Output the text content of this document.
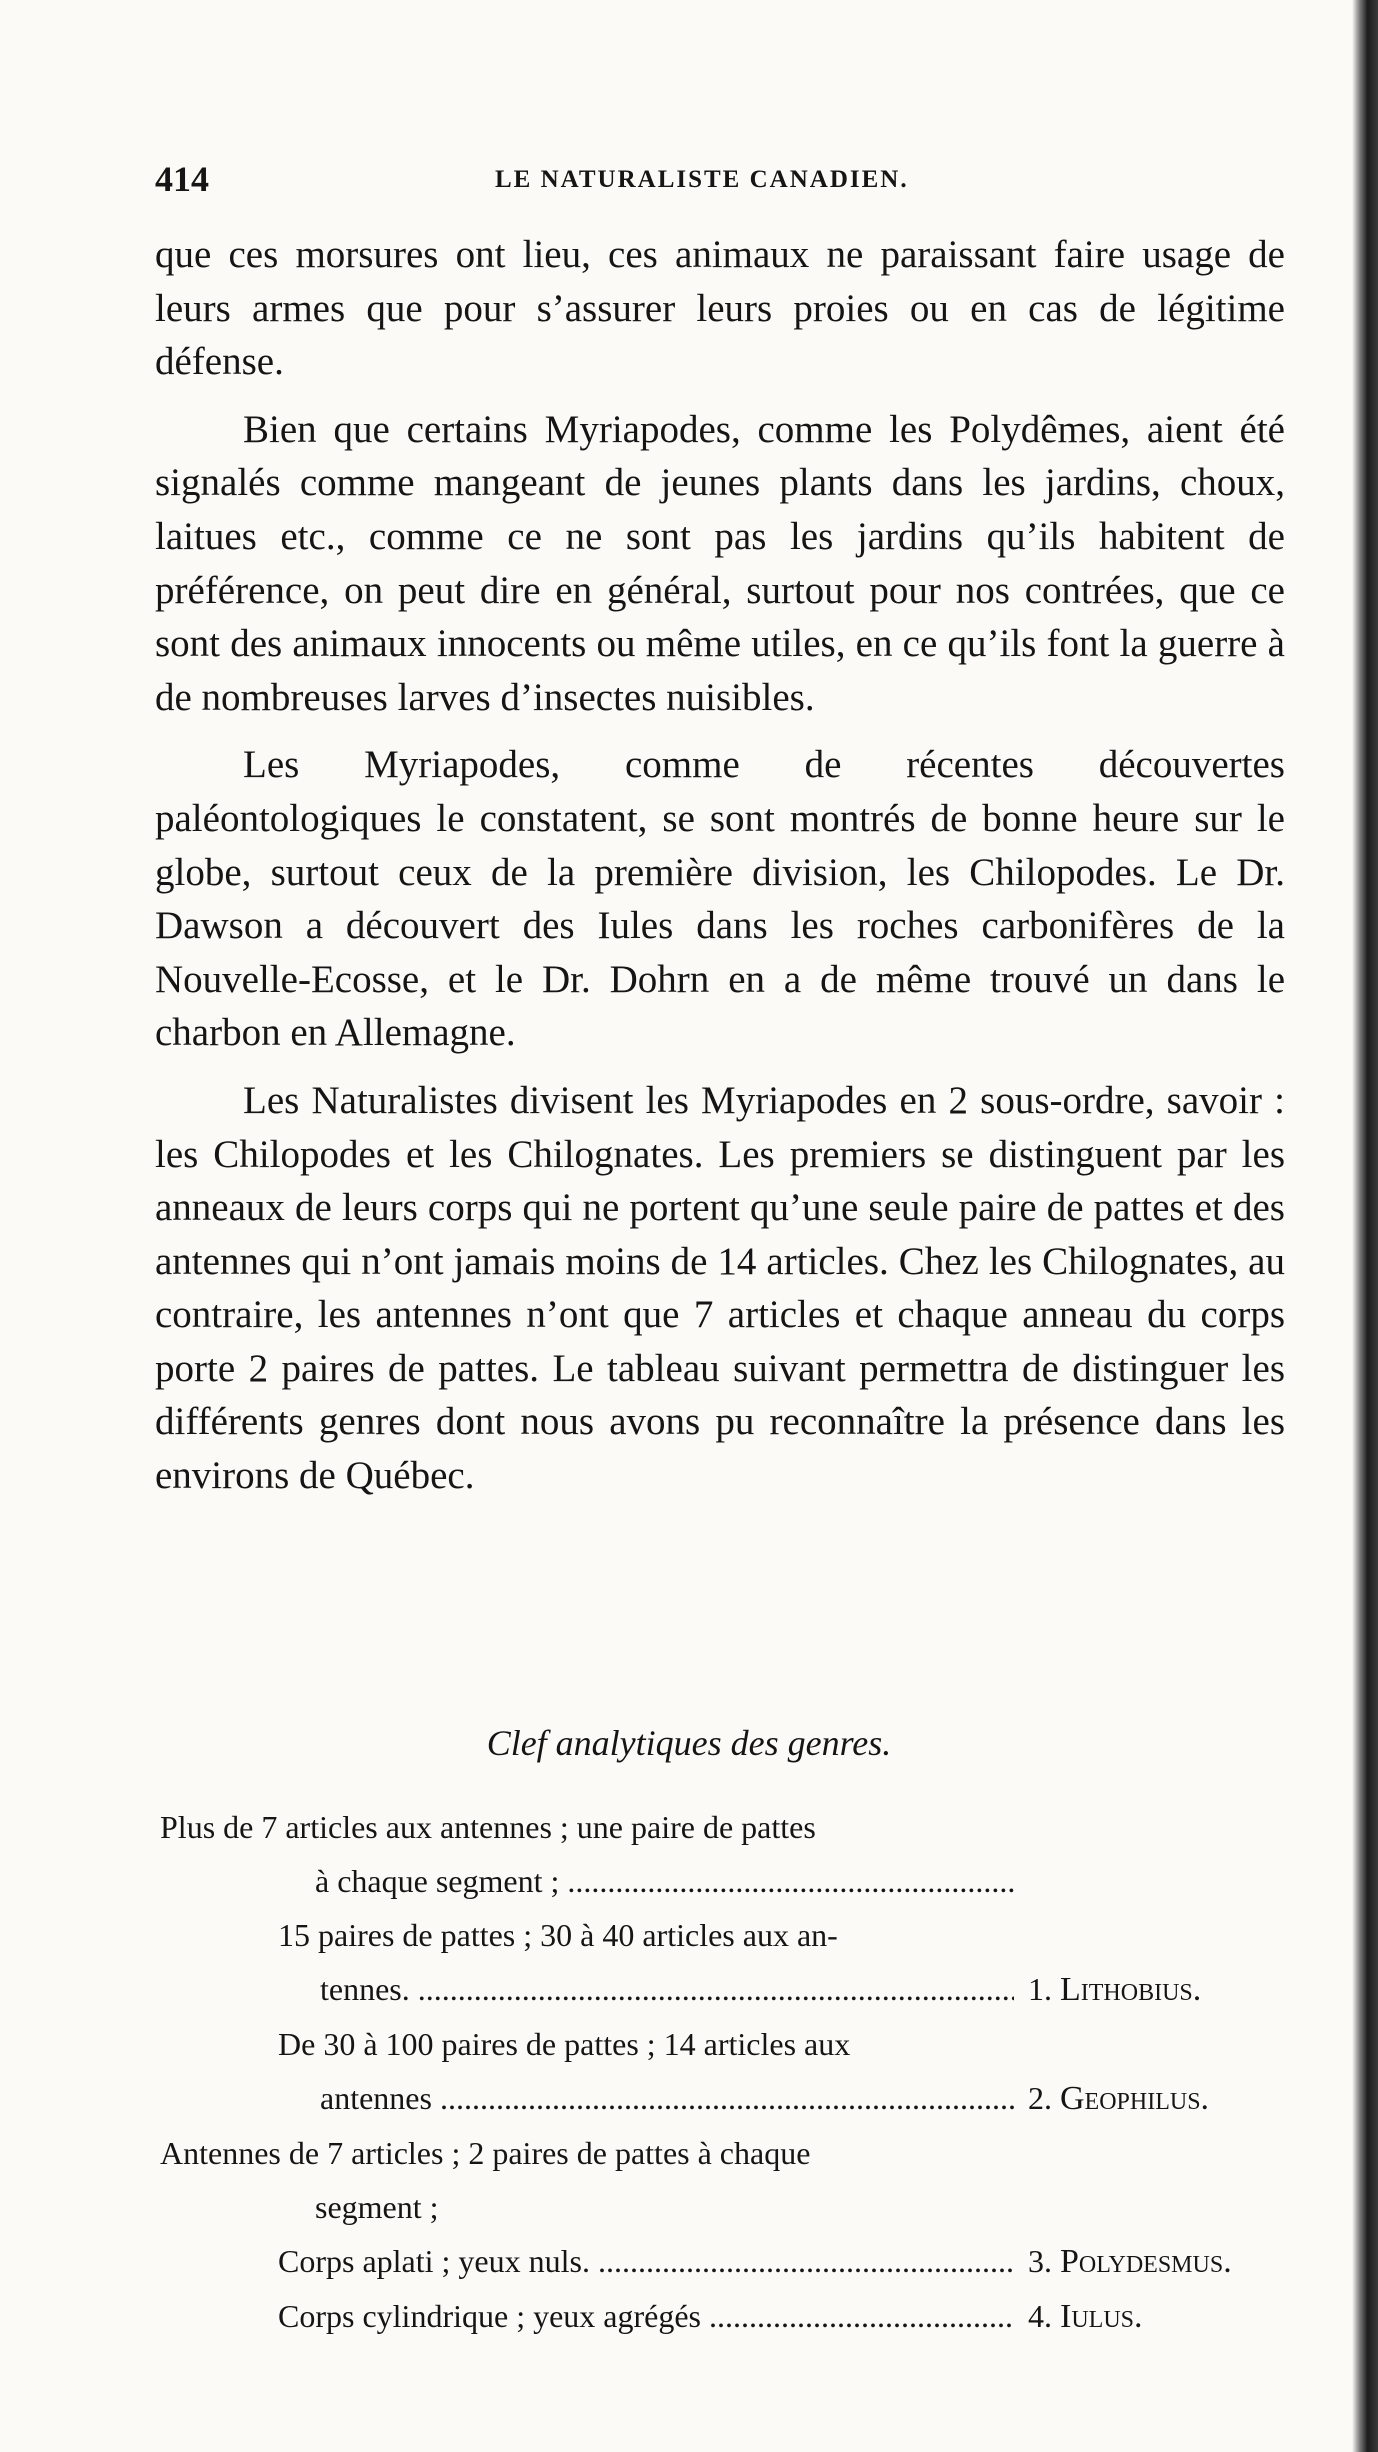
414	LE NATURALISTE CANADIEN.

que ces morsures ont lieu, ces animaux ne paraissant faire usage de leurs armes que pour s’assurer leurs proies ou en cas de légitime défense.

Bien que certains Myriapodes, comme les Polydêmes, aient été signalés comme mangeant de jeunes plants dans les jardins, choux, laitues etc., comme ce ne sont pas les jardins qu’ils habitent de préférence, on peut dire en général, surtout pour nos contrées, que ce sont des animaux innocents ou même utiles, en ce qu’ils font la guerre à de nombreuses larves d’insectes nuisibles.

Les Myriapodes, comme de récentes découvertes paléontologiques le constatent, se sont montrés de bonne heure sur le globe, surtout ceux de la première division, les Chilopodes. Le Dr. Dawson a découvert des Iules dans les roches carbonifères de la Nouvelle-Ecosse, et le Dr. Dohrn en a de même trouvé un dans le charbon en Allemagne.

Les Naturalistes divisent les Myriapodes en 2 sous-ordre, savoir : les Chilopodes et les Chilognates. Les premiers se distinguent par les anneaux de leurs corps qui ne portent qu’une seule paire de pattes et des antennes qui n’ont jamais moins de 14 articles. Chez les Chilognates, au contraire, les antennes n’ont que 7 articles et chaque anneau du corps porte 2 paires de pattes. Le tableau suivant permettra de distinguer les différents genres dont nous avons pu reconnaître la présence dans les environs de Québec.

Clef analytiques des genres.
Plus de 7 articles aux antennes ; une paire de pattes
à chaque segment ; .....
15 paires de pattes ; 30 à 40 articles aux an-
tennes. .....	1. Lithobius.
De 30 à 100 paires de pattes ; 14 articles aux
antennes .....	2. Geophilus.
Antennes de 7 articles ; 2 paires de pattes à chaque
segment ;
Corps aplati ; yeux nuls. .....	3. Polydesmus.
Corps cylindrique ; yeux agrégés .....	4. Iulus.
